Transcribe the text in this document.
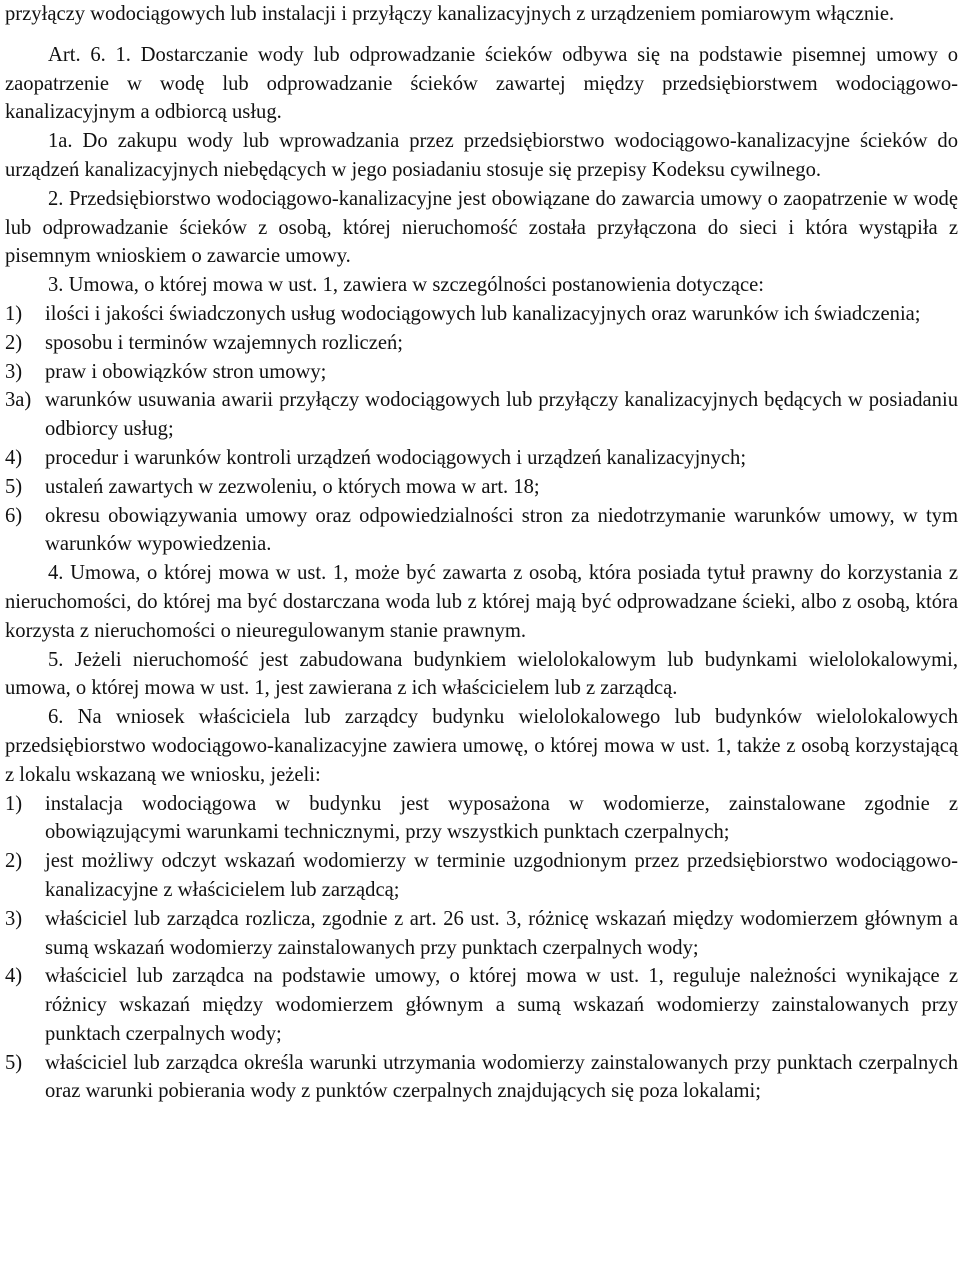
przyłączy wodociągowych lub instalacji i przyłączy kanalizacyjnych z urządzeniem pomiarowym włącznie.

Art. 6. 1. Dostarczanie wody lub odprowadzanie ścieków odbywa się na podstawie pisemnej umowy o zaopatrzenie w wodę lub odprowadzanie ścieków zawartej między przedsiębiorstwem wodociągowo-kanalizacyjnym a odbiorcą usług.

1a. Do zakupu wody lub wprowadzania przez przedsiębiorstwo wodociągowo-kanalizacyjne ścieków do urządzeń kanalizacyjnych niebędących w jego posiadaniu stosuje się przepisy Kodeksu cywilnego.

2. Przedsiębiorstwo wodociągowo-kanalizacyjne jest obowiązane do zawarcia umowy o zaopatrzenie w wodę lub odprowadzanie ścieków z osobą, której nieruchomość została przyłączona do sieci i która wystąpiła z pisemnym wnioskiem o zawarcie umowy.

3. Umowa, o której mowa w ust. 1, zawiera w szczególności postanowienia dotyczące:

1)	ilości i jakości świadczonych usług wodociągowych lub kanalizacyjnych oraz warunków ich świadczenia;
2)	sposobu i terminów wzajemnych rozliczeń;
3)	praw i obowiązków stron umowy;
3a) warunków usuwania awarii przyłączy wodociągowych lub przyłączy kanalizacyjnych będących w posiadaniu odbiorcy usług;
4)	procedur i warunków kontroli urządzeń wodociągowych i urządzeń kanalizacyjnych;
5)	ustaleń zawartych w zezwoleniu, o których mowa w art. 18;
6)	okresu obowiązywania umowy oraz odpowiedzialności stron za niedotrzymanie warunków umowy, w tym warunków wypowiedzenia.

4. Umowa, o której mowa w ust. 1, może być zawarta z osobą, która posiada tytuł prawny do korzystania z nieruchomości, do której ma być dostarczana woda lub z której mają być odprowadzane ścieki, albo z osobą, która korzysta z nieruchomości o nieuregulowanym stanie prawnym.

5. Jeżeli nieruchomość jest zabudowana budynkiem wielolokalowym lub budynkami wielolokalowymi, umowa, o której mowa w ust. 1, jest zawierana z ich właścicielem lub z zarządcą.

6. Na wniosek właściciela lub zarządcy budynku wielolokalowego lub budynków wielolokalowych przedsiębiorstwo wodociągowo-kanalizacyjne zawiera umowę, o której mowa w ust. 1, także z osobą korzystającą z lokalu wskazaną we wniosku, jeżeli:

1)	instalacja wodociągowa w budynku jest wyposażona w wodomierze, zainstalowane zgodnie z obowiązującymi warunkami technicznymi, przy wszystkich punktach czerpalnych;
2)	jest możliwy odczyt wskazań wodomierzy w terminie uzgodnionym przez przedsiębiorstwo wodociągowo-kanalizacyjne z właścicielem lub zarządcą;
3)	właściciel lub zarządca rozlicza, zgodnie z art. 26 ust. 3, różnicę wskazań między wodomierzem głównym a sumą wskazań wodomierzy zainstalowanych przy punktach czerpalnych wody;
4)	właściciel lub zarządca na podstawie umowy, o której mowa w ust. 1, reguluje należności wynikające z różnicy wskazań między wodomierzem głównym a sumą wskazań wodomierzy zainstalowanych przy punktach czerpalnych wody;
5)	właściciel lub zarządca określa warunki utrzymania wodomierzy zainstalowanych przy punktach czerpalnych oraz warunki pobierania wody z punktów czerpalnych znajdujących się poza lokalami;
